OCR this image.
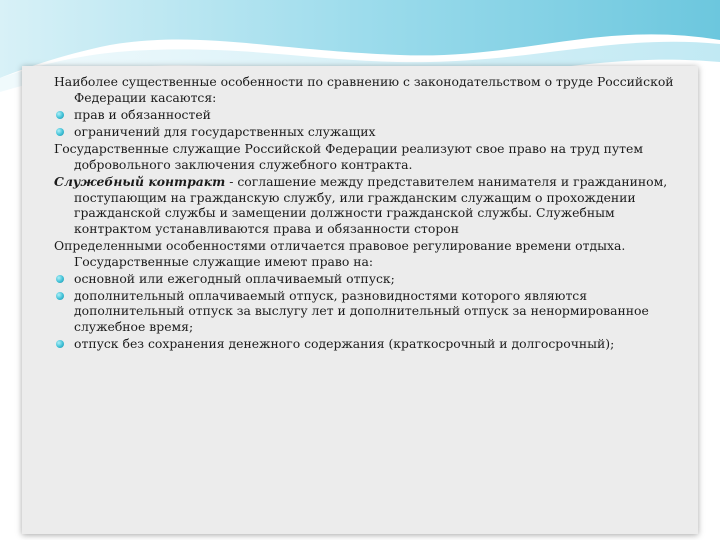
Наиболее существенные особенности по сравнению с законодательством о труде Российской Федерации касаются:
прав и обязанностей
ограничений для государственных служащих
Государственные служащие Российской Федерации реализуют свое право на труд путем добровольного заключения служебного контракта.
Служебный контракт - соглашение между представителем нанимателя и гражданином, поступающим на гражданскую службу, или гражданским служащим о прохождении гражданской службы и замещении должности гражданской службы. Служебным контрактом устанавливаются права и обязанности сторон
Определенными особенностями отличается правовое регулирование времени отдыха. Государственные служащие имеют право на:
основной или ежегодный оплачиваемый отпуск;
дополнительный оплачиваемый отпуск, разновидностями которого являются дополнительный отпуск за выслугу лет и дополнительный отпуск за ненормированное служебное время;
отпуск без сохранения денежного содержания (краткосрочный и долгосрочный);
